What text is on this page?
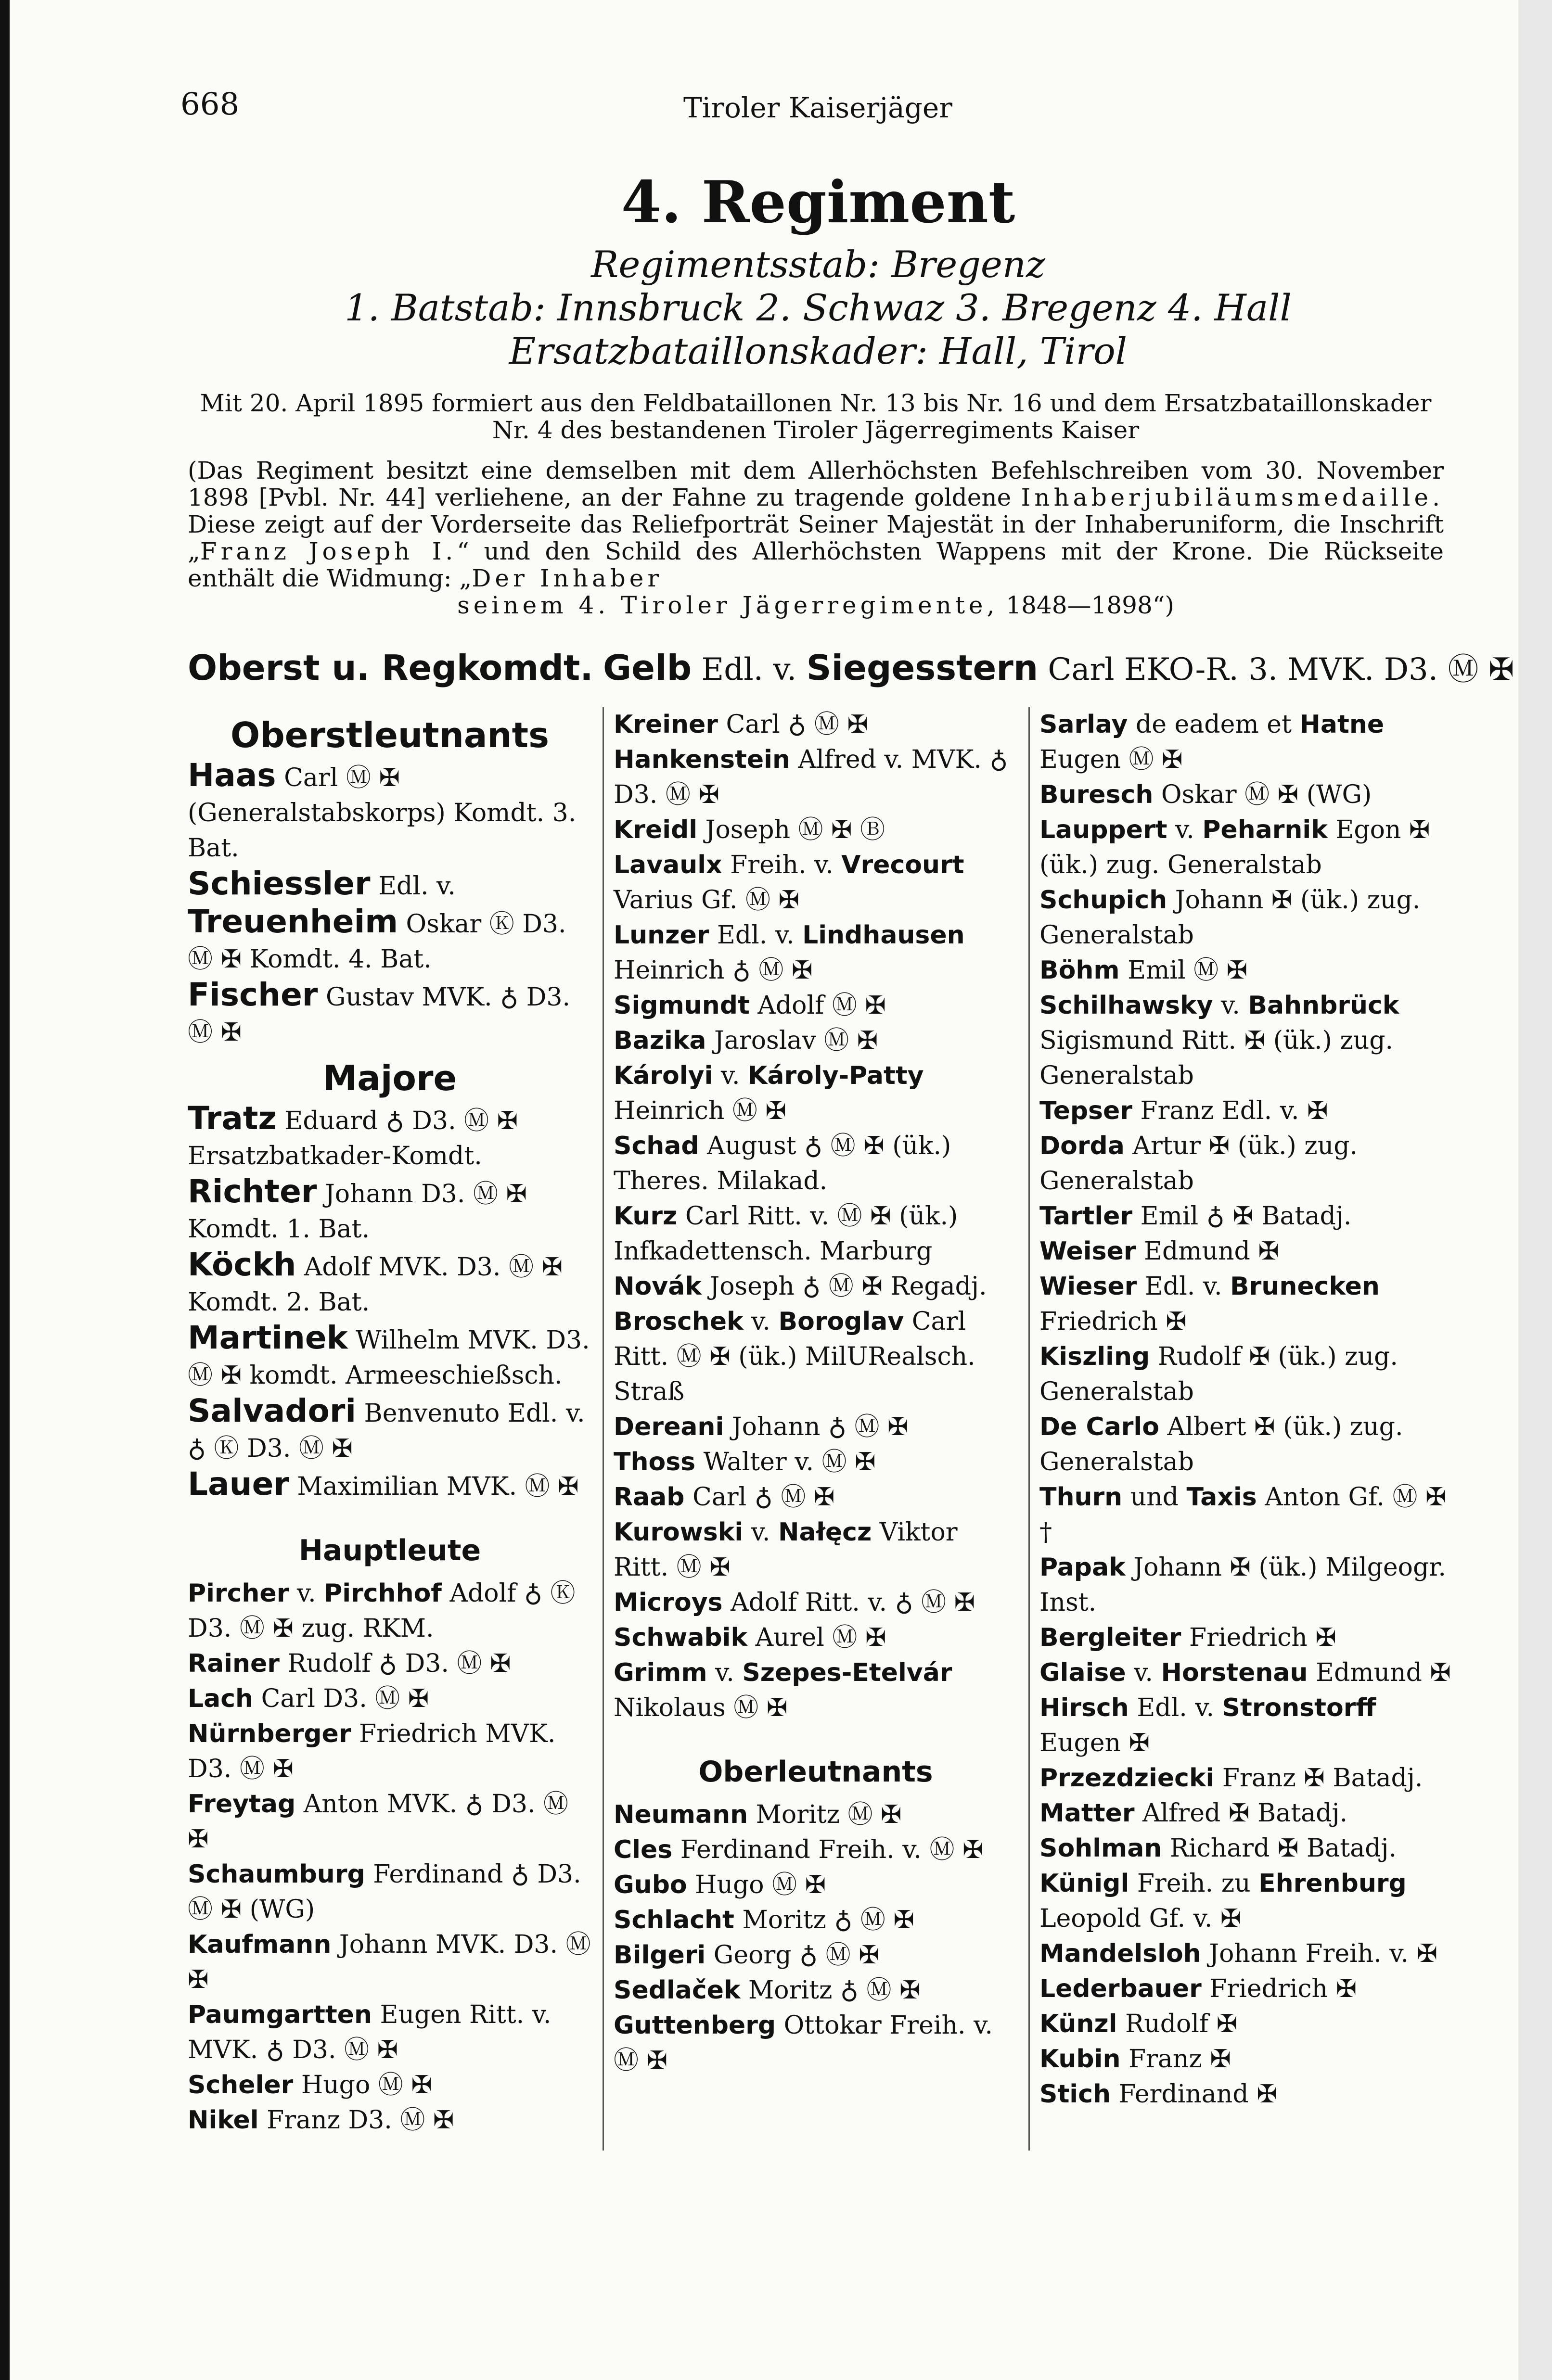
668	Tiroler Kaiserjäger
4. Regiment
Regimentsstab: Bregenz
1. Batstab: Innsbruck 2. Schwaz 3. Bregenz 4. Hall
Ersatzbataillonskader: Hall, Tirol
Mit 20. April 1895 formiert aus den Feldbataillonen Nr. 13 bis Nr. 16 und dem Ersatzbataillonskader
Nr. 4 des bestandenen Tiroler Jägerregiments Kaiser
(Das Regiment besitzt eine demselben mit dem Allerhöchsten Befehlschreiben vom 30. November 1898 [Pvbl. Nr. 44] verliehene, an der Fahne zu tragende goldene Inhaberjubiläumsmedaille. Diese zeigt auf der Vorderseite das Reliefporträt Seiner Majestät in der Inhaberuniform, die Inschrift „Franz Joseph I.“ und den Schild des Allerhöchsten Wappens mit der Krone. Die Rückseite enthält die Widmung: „Der Inhaber
seinem 4. Tiroler Jägerregimente, 1848—1898“)
Oberst u. Regkomdt. Gelb Edl. v. Siegesstern Carl EKO-R. 3. MVK. D3. Ⓜ ✠
Oberstleutnants
Haas Carl Ⓜ ✠ (Generalstabskorps) Komdt. 3. Bat.
Schiessler Edl. v. Treuenheim Oskar Ⓚ D3. Ⓜ ✠ Komdt. 4. Bat.
Fischer Gustav MVK. ♁ D3. Ⓜ ✠
Majore
Tratz Eduard ♁ D3. Ⓜ ✠ Ersatzbatkader-Komdt.
Richter Johann D3. Ⓜ ✠ Komdt. 1. Bat.
Köckh Adolf MVK. D3. Ⓜ ✠ Komdt. 2. Bat.
Martinek Wilhelm MVK. D3. Ⓜ ✠ komdt. Armeeschießsch.
Salvadori Benvenuto Edl. v. ♁ Ⓚ D3. Ⓜ ✠
Lauer Maximilian MVK. Ⓜ ✠
Hauptleute
Pircher v. Pirchhof Adolf ♁ Ⓚ D3. Ⓜ ✠ zug. RKM.
Rainer Rudolf ♁ D3. Ⓜ ✠
Lach Carl D3. Ⓜ ✠
Nürnberger Friedrich MVK. D3. Ⓜ ✠
Freytag Anton MVK. ♁ D3. Ⓜ ✠
Schaumburg Ferdinand ♁ D3. Ⓜ ✠ (WG)
Kaufmann Johann MVK. D3. Ⓜ ✠
Paumgartten Eugen Ritt. v. MVK. ♁ D3. Ⓜ ✠
Scheler Hugo Ⓜ ✠
Nikel Franz D3. Ⓜ ✠
Kreiner Carl ♁ Ⓜ ✠
Hankenstein Alfred v. MVK. ♁ D3. Ⓜ ✠
Kreidl Joseph Ⓜ ✠ Ⓑ
Lavaulx Freih. v. Vrecourt Varius Gf. Ⓜ ✠
Lunzer Edl. v. Lindhausen Heinrich ♁ Ⓜ ✠
Sigmundt Adolf Ⓜ ✠
Bazika Jaroslav Ⓜ ✠
Károlyi v. Károly-Patty Heinrich Ⓜ ✠
Schad August ♁ Ⓜ ✠ (ük.) Theres. Milakad.
Kurz Carl Ritt. v. Ⓜ ✠ (ük.) Infkadettensch. Marburg
Novák Joseph ♁ Ⓜ ✠ Regadj.
Broschek v. Boroglav Carl Ritt. Ⓜ ✠ (ük.) MilURealsch. Straß
Dereani Johann ♁ Ⓜ ✠
Thoss Walter v. Ⓜ ✠
Raab Carl ♁ Ⓜ ✠
Kurowski v. Nałęcz Viktor Ritt. Ⓜ ✠
Microys Adolf Ritt. v. ♁ Ⓜ ✠
Schwabik Aurel Ⓜ ✠
Grimm v. Szepes-Etelvár Nikolaus Ⓜ ✠
Oberleutnants
Neumann Moritz Ⓜ ✠
Cles Ferdinand Freih. v. Ⓜ ✠
Gubo Hugo Ⓜ ✠
Schlacht Moritz ♁ Ⓜ ✠
Bilgeri Georg ♁ Ⓜ ✠
Sedlaček Moritz ♁ Ⓜ ✠
Guttenberg Ottokar Freih. v. Ⓜ ✠
Sarlay de eadem et Hatne Eugen Ⓜ ✠
Buresch Oskar Ⓜ ✠ (WG)
Lauppert v. Peharnik Egon ✠ (ük.) zug. Generalstab
Schupich Johann ✠ (ük.) zug. Generalstab
Böhm Emil Ⓜ ✠
Schilhawsky v. Bahnbrück Sigismund Ritt. ✠ (ük.) zug. Generalstab
Tepser Franz Edl. v. ✠
Dorda Artur ✠ (ük.) zug. Generalstab
Tartler Emil ♁ ✠ Batadj.
Weiser Edmund ✠
Wieser Edl. v. Brunecken Friedrich ✠
Kiszling Rudolf ✠ (ük.) zug. Generalstab
De Carlo Albert ✠ (ük.) zug. Generalstab
Thurn und Taxis Anton Gf. Ⓜ ✠ †
Papak Johann ✠ (ük.) Milgeogr. Inst.
Bergleiter Friedrich ✠
Glaise v. Horstenau Edmund ✠
Hirsch Edl. v. Stronstorff Eugen ✠
Przezdziecki Franz ✠ Batadj.
Matter Alfred ✠ Batadj.
Sohlman Richard ✠ Batadj.
Künigl Freih. zu Ehrenburg Leopold Gf. v. ✠
Mandelsloh Johann Freih. v. ✠
Lederbauer Friedrich ✠
Künzl Rudolf ✠
Kubin Franz ✠
Stich Ferdinand ✠
